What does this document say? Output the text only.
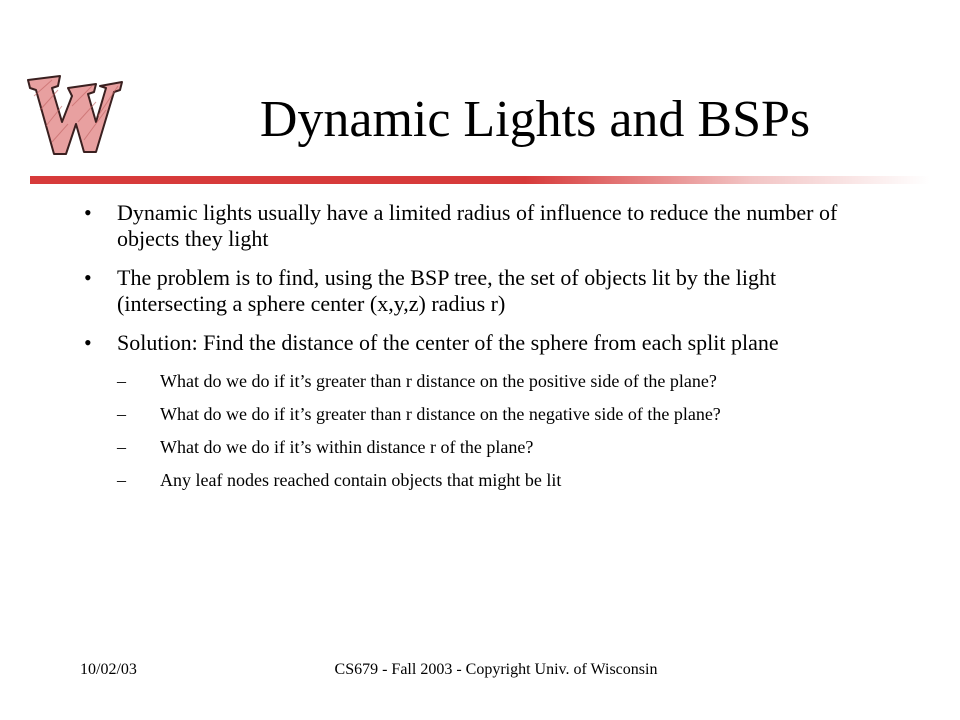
Dynamic Lights and BSPs
• Dynamic lights usually have a limited radius of influence to reduce the number of objects they light
• The problem is to find, using the BSP tree, the set of objects lit by the light (intersecting a sphere center (x,y,z) radius r)
• Solution: Find the distance of the center of the sphere from each split plane
– What do we do if it’s greater than r distance on the positive side of the plane?
– What do we do if it’s greater than r distance on the negative side of the plane?
– What do we do if it’s within distance r of the plane?
– Any leaf nodes reached contain objects that might be lit
10/02/03	CS679 - Fall 2003 - Copyright Univ. of Wisconsin
